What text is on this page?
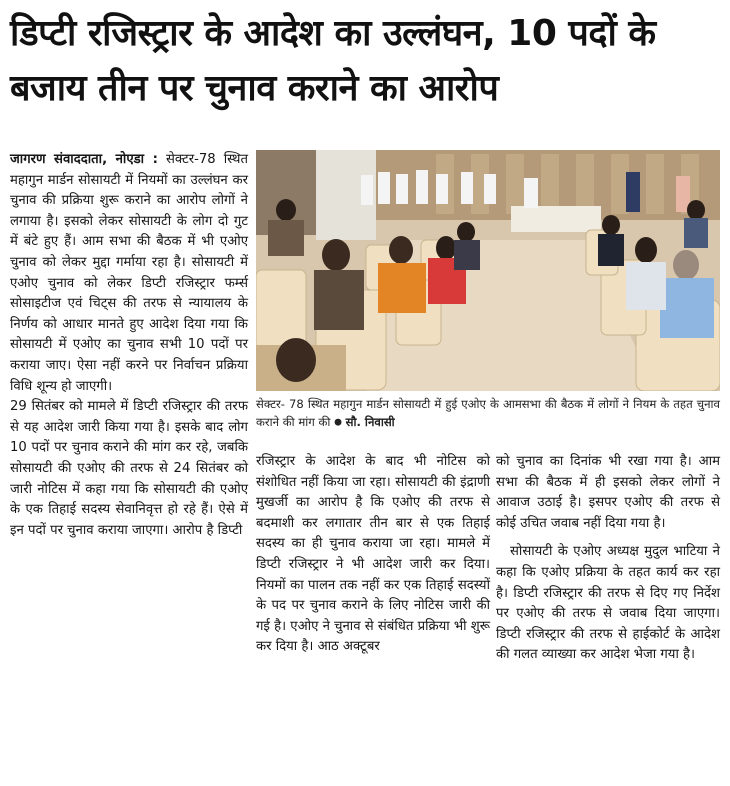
डिप्टी रजिस्ट्रार के आदेश का उल्लंघन, 10 पदों के बजाय तीन पर चुनाव कराने का आरोप

जागरण संवाददाता, नोएडा : सेक्टर-78 स्थित महागुन मार्डन सोसायटी में नियमों का उल्लंघन कर चुनाव की प्रक्रिया शुरू कराने का आरोप लोगों ने लगाया है। इसको लेकर सोसायटी के लोग दो गुट में बंटे हुए हैं। आम सभा की बैठक में भी एओए चुनाव को लेकर मुद्दा गर्माया रहा है। सोसायटी में एओए चुनाव को लेकर डिप्टी रजिस्ट्रार फर्म्स सोसाइटीज एवं चिट्स की तरफ से न्यायालय के निर्णय को आधार मानते हुए आदेश दिया गया कि सोसायटी में एओए का चुनाव सभी 10 पदों पर कराया जाए। ऐसा नहीं करने पर निर्वाचन प्रक्रिया विधि शून्य हो जाएगी।

29 सितंबर को मामले में डिप्टी रजिस्ट्रार की तरफ से यह आदेश जारी किया गया है। इसके बाद लोग 10 पदों पर चुनाव कराने की मांग कर रहे, जबकि सोसायटी की एओए की तरफ से 24 सितंबर को जारी नोटिस में कहा गया कि सोसायटी की एओए के एक तिहाई सदस्य सेवानिवृत्त हो रहे हैं। ऐसे में इन पदों पर चुनाव कराया जाएगा। आरोप है डिप्टी

सेक्टर- 78 स्थित महागुन मार्डन सोसायटी में हुई एओए के आमसभा की बैठक में लोगों ने नियम के तहत चुनाव कराने की मांग की ● सौ. निवासी

रजिस्ट्रार के आदेश के बाद भी नोटिस को संशोधित नहीं किया जा रहा। सोसायटी की इंद्राणी मुखर्जी का आरोप है कि एओए की तरफ से बदमाशी कर लगातार तीन बार से एक तिहाई सदस्य का ही चुनाव कराया जा रहा। मामले में डिप्टी रजिस्ट्रार ने भी आदेश जारी कर दिया। नियमों का पालन तक नहीं कर एक तिहाई सदस्यों के पद पर चुनाव कराने के लिए नोटिस जारी की गई है। एओए ने चुनाव से संबंधित प्रक्रिया भी शुरू कर दिया है। आठ अक्टूबर

को चुनाव का दिनांक भी रखा गया है। आम सभा की बैठक में ही इसको लेकर लोगों ने आवाज उठाई है। इसपर एओए की तरफ से कोई उचित जवाब नहीं दिया गया है।

सोसायटी के एओए अध्यक्ष मुदुल भाटिया ने कहा कि एओए प्रक्रिया के तहत कार्य कर रहा है। डिप्टी रजिस्ट्रार की तरफ से दिए गए निर्देश पर एओए की तरफ से जवाब दिया जाएगा। डिप्टी रजिस्ट्रार की तरफ से हाईकोर्ट के आदेश की गलत व्याख्या कर आदेश भेजा गया है।
